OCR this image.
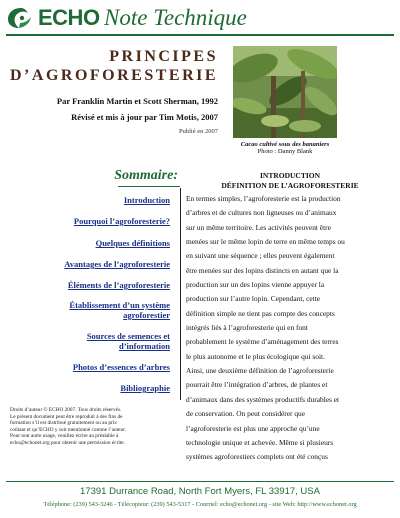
ECHO Note Technique
PRINCIPES
D’AGROFORESTERIE
Par Franklin Martin et Scott Sherman, 1992
Révisé et mis à jour par Tim Motis, 2007
Publié en 2007
Cacao cultivé sous des bananiers
Photo : Danny Blank
Sommaire:
Introduction
Pourquoi l’agroforesterie?
Quelques définitions
Avantages de l’agroforesterie
Éléments de l’agroforesterie
Établissement d’un système
agroforestier
Sources de semences et
d’information
Photos d’essences d’arbres
Bibliographie
Droits d’auteur © ECHO 2007. Tous droits réservés.
Le présent document peut être reproduit à des fins de
formation s’il est distribué gratuitement ou au prix
coûtant et qu’ECHO y soit mentionné comme l’auteur.
Pour tout autre usage, veuillez écrire au préalable à
echo@echonet.org pour obtenir une permission écrite.
INTRODUCTION
DÉFINITION DE L’AGROFORESTERIE
En termes simples, l’agroforesterie est la production
d’arbres et de cultures non ligneuses ou d’animaux
sur un même territoire. Les activités peuvent être
menées sur le même lopin de terre en même temps ou
en suivant une séquence ; elles peuvent également
être menées sur des lopins distincts en autant que la
production sur un des lopins vienne appuyer la
production sur l’autre lopin. Cependant, cette
définition simple ne tient pas compte des concepts
intégrés liés à l’agroforesterie qui en font
probablement le système d’aménagement des terres
le plus autonome et le plus écologique qui soit.
Ainsi, une deuxième définition de l’agroforesterie
pourrait être l’intégration d’arbres, de plantes et
d’animaux dans des systèmes productifs durables et
de conservation. On peut considérer que
l’agroforesterie est plus une approche qu’une
technologie unique et achevée. Même si plusieurs
systèmes agroforestiers complets ont été conçus
17391 Durrance Road, North Fort Myers, FL 33917, USA
Téléphone: (239) 543-3246 - Télécopieur: (239) 543-5317 - Courriel: echo@echonet.org - site Web: http://www.echonet.org
